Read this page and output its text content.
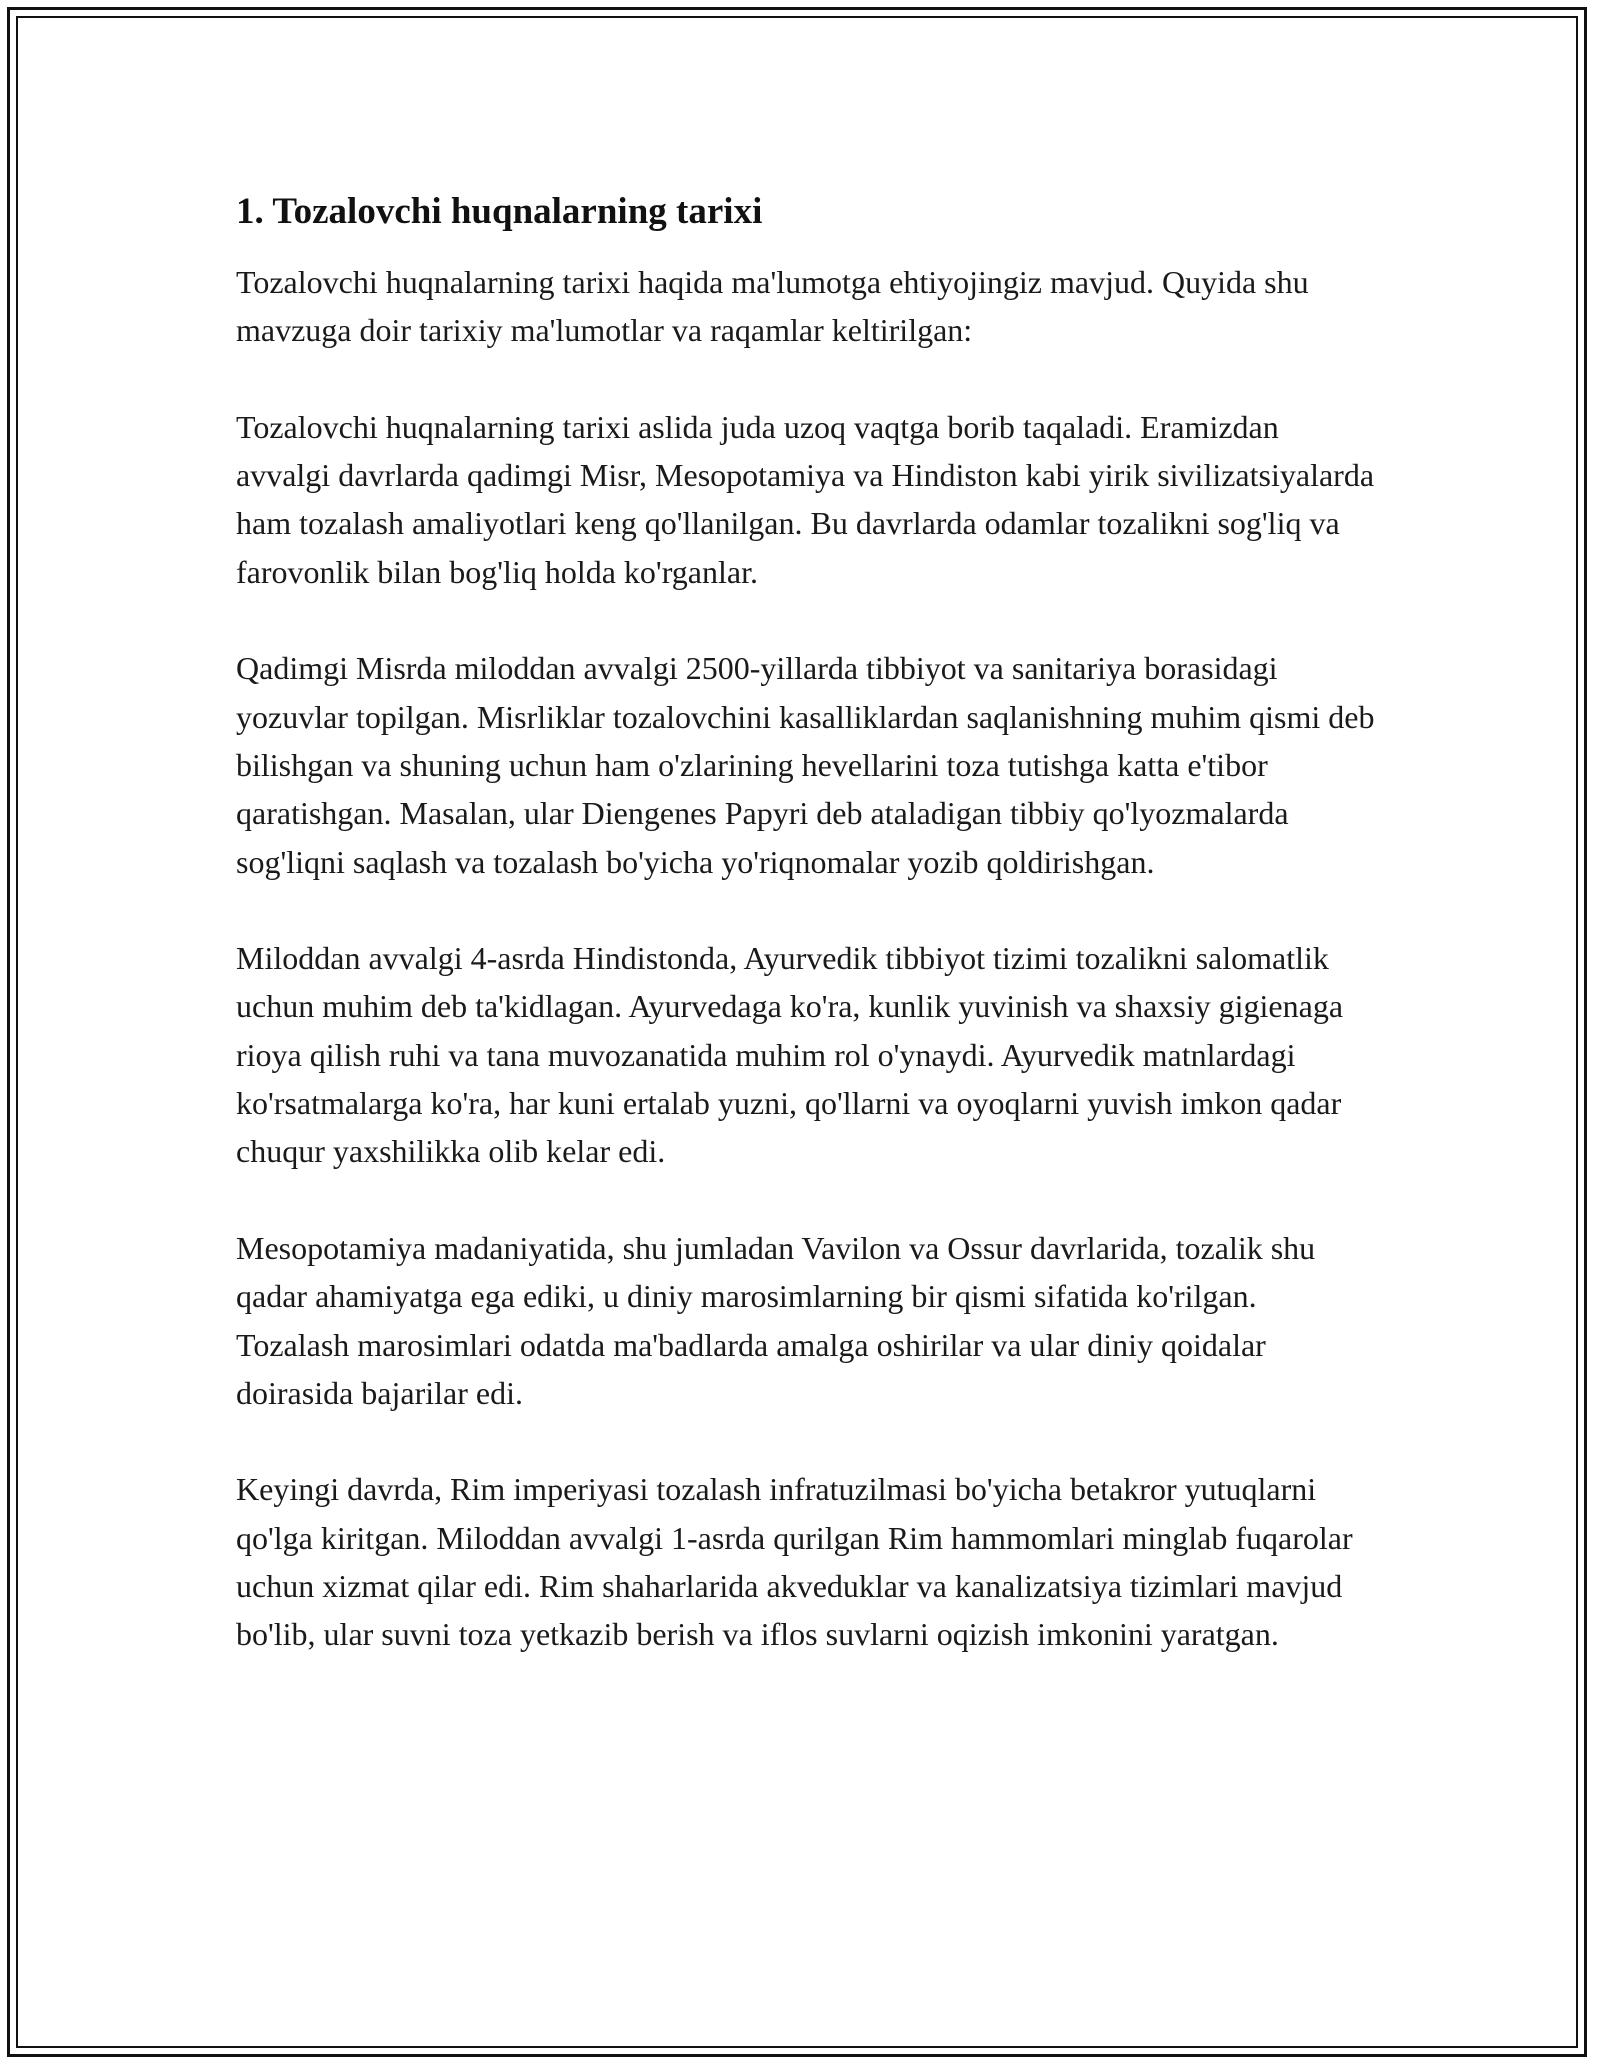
1. Tozalovchi huqnalarning tarixi

Tozalovchi huqnalarning tarixi haqida ma'lumotga ehtiyojingiz mavjud. Quyida shu mavzuga doir tarixiy ma'lumotlar va raqamlar keltirilgan:

Tozalovchi huqnalarning tarixi aslida juda uzoq vaqtga borib taqaladi. Eramizdan avvalgi davrlarda qadimgi Misr, Mesopotamiya va Hindiston kabi yirik sivilizatsiyalarda ham tozalash amaliyotlari keng qo'llanilgan. Bu davrlarda odamlar tozalikni sog'liq va farovonlik bilan bog'liq holda ko'rganlar.

Qadimgi Misrda miloddan avvalgi 2500-yillarda tibbiyot va sanitariya borasidagi yozuvlar topilgan. Misrliklar tozalovchini kasalliklardan saqlanishning muhim qismi deb bilishgan va shuning uchun ham o'zlarining hevellarini toza tutishga katta e'tibor qaratishgan. Masalan, ular Diengenes Papyri deb ataladigan tibbiy qo'lyozmalarda sog'liqni saqlash va tozalash bo'yicha yo'riqnomalar yozib qoldirishgan.

Miloddan avvalgi 4-asrda Hindistonda, Ayurvedik tibbiyot tizimi tozalikni salomatlik uchun muhim deb ta'kidlagan. Ayurvedaga ko'ra, kunlik yuvinish va shaxsiy gigienaga rioya qilish ruhi va tana muvozanatida muhim rol o'ynaydi. Ayurvedik matnlardagi ko'rsatmalarga ko'ra, har kuni ertalab yuzni, qo'llarni va oyoqlarni yuvish imkon qadar chuqur yaxshilikka olib kelar edi.

Mesopotamiya madaniyatida, shu jumladan Vavilon va Ossur davrlarida, tozalik shu qadar ahamiyatga ega ediki, u diniy marosimlarning bir qismi sifatida ko'rilgan. Tozalash marosimlari odatda ma'badlarda amalga oshirilar va ular diniy qoidalar doirasida bajarilar edi.

Keyingi davrda, Rim imperiyasi tozalash infratuzilmasi bo'yicha betakror yutuqlarni qo'lga kiritgan. Miloddan avvalgi 1-asrda qurilgan Rim hammomlari minglab fuqarolar uchun xizmat qilar edi. Rim shaharlarida akveduklar va kanalizatsiya tizimlari mavjud bo'lib, ular suvni toza yetkazib berish va iflos suvlarni oqizish imkonini yaratgan.
